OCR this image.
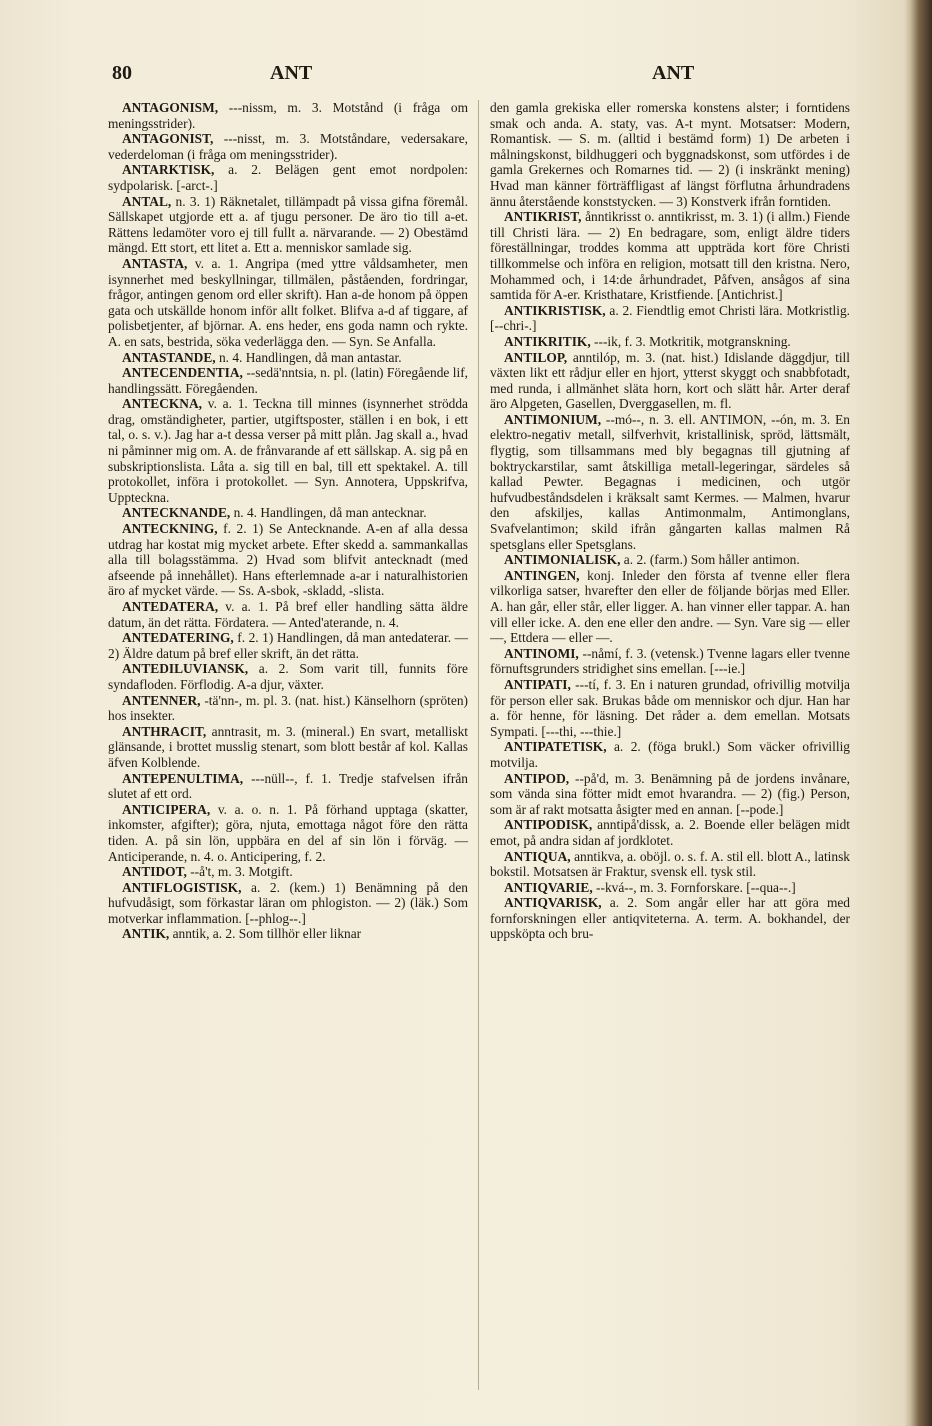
80	ANT	ANT

ANTAGONISM, ---nissm, m. 3. Motstånd (i fråga om meningsstrider).

ANTAGONIST, ---nisst, m. 3. Motståndare, vedersakare, vederdeloman (i fråga om meningsstrider).

ANTARKTISK, a. 2. Belägen gent emot nordpolen: sydpolarisk. [-arct-.]

ANTAL, n. 3. 1) Räknetalet, tillämpadt på vissa gifna föremål. Sällskapet utgjorde ett a. af tjugu personer. De äro tio till a-et. Rättens ledamöter voro ej till fullt a. närvarande. — 2) Obestämd mängd. Ett stort, ett litet a. Ett a. menniskor samlade sig.

ANTASTA, v. a. 1. Angripa (med yttre våldsamheter, men isynnerhet med beskyllningar, tillmälen, påståenden, fordringar, frågor, antingen genom ord eller skrift). Han a-de honom på öppen gata och utskällde honom inför allt folket. Blifva a-d af tiggare, af polisbetjenter, af björnar. A. ens heder, ens goda namn och rykte. A. en sats, bestrida, söka vederlägga den. — Syn. Se Anfalla.

ANTASTANDE, n. 4. Handlingen, då man antastar.

ANTECENDENTIA, --sedä'nntsia, n. pl. (latin) Föregående lif, handlingssätt. Föregåenden.

ANTECKNA, v. a. 1. Teckna till minnes (isynnerhet strödda drag, omständigheter, partier, utgiftsposter, ställen i en bok, i ett tal, o. s. v.). Jag har a-t dessa verser på mitt plån. Jag skall a., hvad ni påminner mig om. A. de frånvarande af ett sällskap. A. sig på en subskriptionslista. Låta a. sig till en bal, till ett spektakel. A. till protokollet, införa i protokollet. — Syn. Annotera, Uppskrifva, Uppteckna.

ANTECKNANDE, n. 4. Handlingen, då man antecknar.

ANTECKNING, f. 2. 1) Se Antecknande. A-en af alla dessa utdrag har kostat mig mycket arbete. Efter skedd a. sammankallas alla till bolagsstämma. 2) Hvad som blifvit antecknadt (med afseende på innehållet). Hans efterlemnade a-ar i naturalhistorien äro af mycket värde. — Ss. A-sbok, -skladd, -slista.

ANTEDATERA, v. a. 1. På bref eller handling sätta äldre datum, än det rätta. Fördatera. — Anted'aterande, n. 4.

ANTEDATERING, f. 2. 1) Handlingen, då man antedaterar. — 2) Äldre datum på bref eller skrift, än det rätta.

ANTEDILUVIANSK, a. 2. Som varit till, funnits före syndafloden. Förflodig. A-a djur, växter.

ANTENNER, -tä'nn-, m. pl. 3. (nat. hist.) Känselhorn (spröten) hos insekter.

ANTHRACIT, anntrasit, m. 3. (mineral.) En svart, metalliskt glänsande, i brottet musslig stenart, som blott består af kol. Kallas äfven Kolblende.

ANTEPENULTIMA, ---nüll--, f. 1. Tredje stafvelsen ifrån slutet af ett ord.

ANTICIPERA, v. a. o. n. 1. På förhand upptaga (skatter, inkomster, afgifter); göra, njuta, emottaga något före den rätta tiden. A. på sin lön, uppbära en del af sin lön i förväg. — Anticiperande, n. 4. o. Anticipering, f. 2.

ANTIDOT, --å't, m. 3. Motgift.

ANTIFLOGISTISK, a. 2. (kem.) 1) Benämning på den hufvudåsigt, som förkastar läran om phlogiston. — 2) (läk.) Som motverkar inflammation. [--phlog--.]

ANTIK, anntik, a. 2. Som tillhör eller liknar

den gamla grekiska eller romerska konstens alster; i forntidens smak och anda. A. staty, vas. A-t mynt. Motsatser: Modern, Romantisk. — S. m. (alltid i bestämd form) 1) De arbeten i målningskonst, bildhuggeri och byggnadskonst, som utfördes i de gamla Grekernes och Romarnes tid. — 2) (i inskränkt mening) Hvad man känner förträffligast af längst förflutna århundradens ännu återstående konststycken. — 3) Konstverk ifrån forntiden.

ANTIKRIST, ånntikrisst o. anntikrisst, m. 3. 1) (i allm.) Fiende till Christi lära. — 2) En bedragare, som, enligt äldre tiders föreställningar, troddes komma att uppträda kort före Christi tillkommelse och införa en religion, motsatt till den kristna. Nero, Mohammed och, i 14:de århundradet, Påfven, ansågos af sina samtida för A-er. Kristhatare, Kristfiende. [Antichrist.]

ANTIKRISTISK, a. 2. Fiendtlig emot Christi lära. Motkristlig. [--chri-.]

ANTIKRITIK, ---ik, f. 3. Motkritik, motgranskning.

ANTILOP, anntilóp, m. 3. (nat. hist.) Idislande däggdjur, till växten likt ett rådjur eller en hjort, ytterst skyggt och snabbfotadt, med runda, i allmänhet släta horn, kort och slätt hår. Arter deraf äro Alpgeten, Gasellen, Dverggasellen, m. fl.

ANTIMONIUM, --mó--, n. 3. ell. ANTIMON, --ón, m. 3. En elektro-negativ metall, silfverhvit, kristallinisk, spröd, lättsmält, flygtig, som tillsammans med bly begagnas till gjutning af boktryckarstilar, samt åtskilliga metall-legeringar, särdeles så kallad Pewter. Begagnas i medicinen, och utgör hufvudbeståndsdelen i kräksalt samt Kermes. — Malmen, hvarur den afskiljes, kallas Antimonmalm, Antimonglans, Svafvelantimon; skild ifrån gångarten kallas malmen Rå spetsglans eller Spetsglans.

ANTIMONIALISK, a. 2. (farm.) Som håller antimon.

ANTINGEN, konj. Inleder den första af tvenne eller flera vilkorliga satser, hvarefter den eller de följande börjas med Eller. A. han går, eller står, eller ligger. A. han vinner eller tappar. A. han vill eller icke. A. den ene eller den andre. — Syn. Vare sig — eller —, Ettdera — eller —.

ANTINOMI, --nåmí, f. 3. (vetensk.) Tvenne lagars eller tvenne förnuftsgrunders stridighet sins emellan. [---ie.]

ANTIPATI, ---tí, f. 3. En i naturen grundad, ofrivillig motvilja för person eller sak. Brukas både om menniskor och djur. Han har a. för henne, för läsning. Det råder a. dem emellan. Motsats Sympati. [---thi, ---thie.]

ANTIPATETISK, a. 2. (föga brukl.) Som väcker ofrivillig motvilja.

ANTIPOD, --på'd, m. 3. Benämning på de jordens invånare, som vända sina fötter midt emot hvarandra. — 2) (fig.) Person, som är af rakt motsatta åsigter med en annan. [--pode.]

ANTIPODISK, anntipå'dissk, a. 2. Boende eller belägen midt emot, på andra sidan af jordklotet.

ANTIQUA, anntikva, a. oböjl. o. s. f. A. stil ell. blott A., latinsk bokstil. Motsatsen är Fraktur, svensk ell. tysk stil.

ANTIQVARIE, --kvá--, m. 3. Fornforskare. [--qua--.]

ANTIQVARISK, a. 2. Som angår eller har att göra med fornforskningen eller antiqviteterna. A. term. A. bokhandel, der uppsköpta och bru-
